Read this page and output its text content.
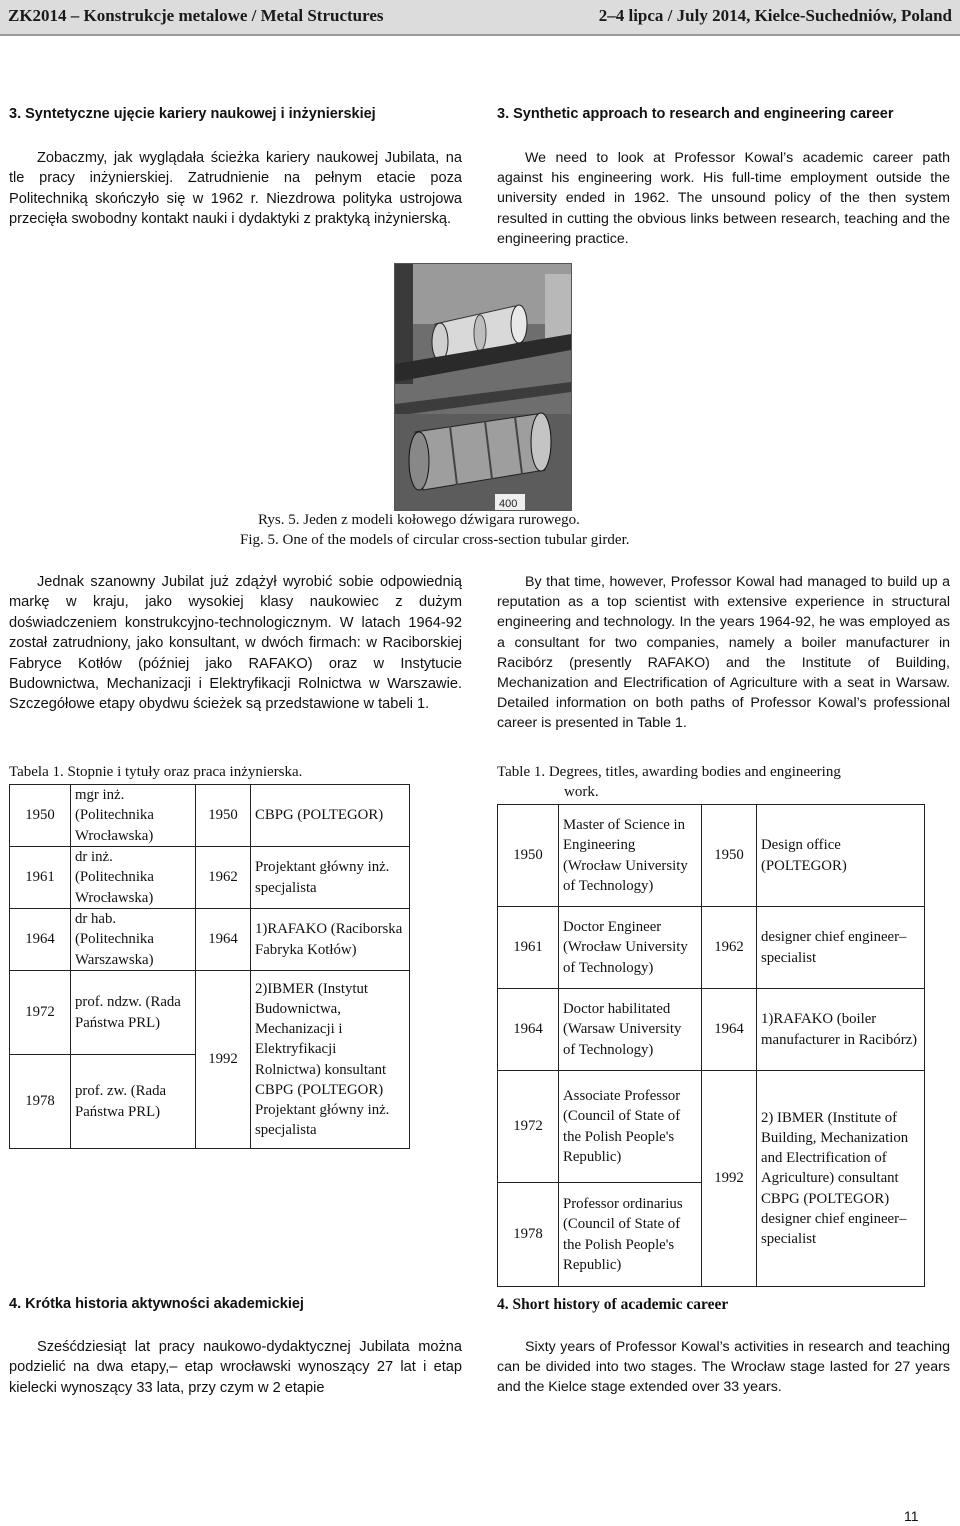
ZK2014 – Konstrukcje metalowe / Metal Structures	2–4 lipca / July 2014, Kielce-Suchedniów, Poland
3. Syntetyczne ujęcie kariery naukowej i inżynierskiej	3. Synthetic approach to research and engineering career

Zobaczmy, jak wyglądała ścieżka kariery naukowej Jubilata, na tle pracy inżynierskiej. Zatrudnienie na pełnym etacie poza Politechniką skończyło się w 1962 r. Niezdrowa polityka ustrojowa przecięła swobodny kontakt nauki i dydaktyki z praktyką inżynierską.

We need to look at Professor Kowal’s academic career path against his engineering work. His full-time employment outside the university ended in 1962. The unsound policy of the then system resulted in cutting the obvious links between research, teaching and the engineering practice.

400
Rys. 5. Jeden z modeli kołowego dźwigara rurowego.
Fig. 5. One of the models of circular cross-section tubular girder.

Jednak szanowny Jubilat już zdążył wyrobić sobie odpowiednią markę w kraju, jako wysokiej klasy naukowiec z dużym doświadczeniem konstrukcyjno-technologicznym. W latach 1964-92 został zatrudniony, jako konsultant, w dwóch firmach: w Raciborskiej Fabryce Kotłów (później jako RAFAKO) oraz w Instytucie Budownictwa, Mechanizacji i Elektryfikacji Rolnictwa w Warszawie. Szczegółowe etapy obydwu ścieżek są przedstawione w tabeli 1.

By that time, however, Professor Kowal had managed to build up a reputation as a top scientist with extensive experience in structural engineering and technology. In the years 1964-92, he was employed as a consultant for two companies, namely a boiler manufacturer in Racibórz (presently RAFAKO) and the Institute of Building, Mechanization and Electrification of Agriculture with a seat in Warsaw. Detailed information on both paths of Professor Kowal’s professional career is presented in Table 1.

Tabela 1. Stopnie i tytuły oraz praca inżynierska.	Table 1. Degrees, titles, awarding bodies and engineering
work.
1950	mgr inż. (Politechnika Wrocławska)	1950	CBPG (POLTEGOR)
1961	dr inż. (Politechnika Wrocławska)	1962	Projektant główny inż. specjalista
1964	dr hab. (Politechnika Warszawska)	1964	1)RAFAKO (Raciborska Fabryka Kotłów)
1972	prof. ndzw. (Rada Państwa PRL)	1992	2)IBMER (Instytut Budownictwa, Mechanizacji i Elektryfikacji Rolnictwa) konsultant CBPG (POLTEGOR) Projektant główny inż. specjalista
1978	prof. zw. (Rada Państwa PRL)		
1950	Master of Science in Engineering (Wrocław University of Technology)	1950	Design office (POLTEGOR)
1961	Doctor Engineer (Wrocław University of Technology)	1962	designer chief engineer– specialist
1964	Doctor habilitated (Warsaw University of Technology)	1964	1)RAFAKO (boiler manufacturer in Racibórz)
1972	Associate Professor (Council of State of the Polish People's Republic)	1992	2) IBMER (Institute of Building, Mechanization and Electrification of Agriculture) consultant CBPG (POLTEGOR) designer chief engineer– specialist
1978	Professor ordinarius (Council of State of the Polish People's Republic)		
4. Krótka historia aktywności akademickiej	4. Short history of academic career

Sześćdziesiąt lat pracy naukowo-dydaktycznej Jubilata można podzielić na dwa etapy,– etap wrocławski wynoszący 27 lat i etap kielecki wynoszący 33 lata, przy czym w 2 etapie

Sixty years of Professor Kowal’s activities in research and teaching can be divided into two stages. The Wrocław stage lasted for 27 years and the Kielce stage extended over 33 years.

11
